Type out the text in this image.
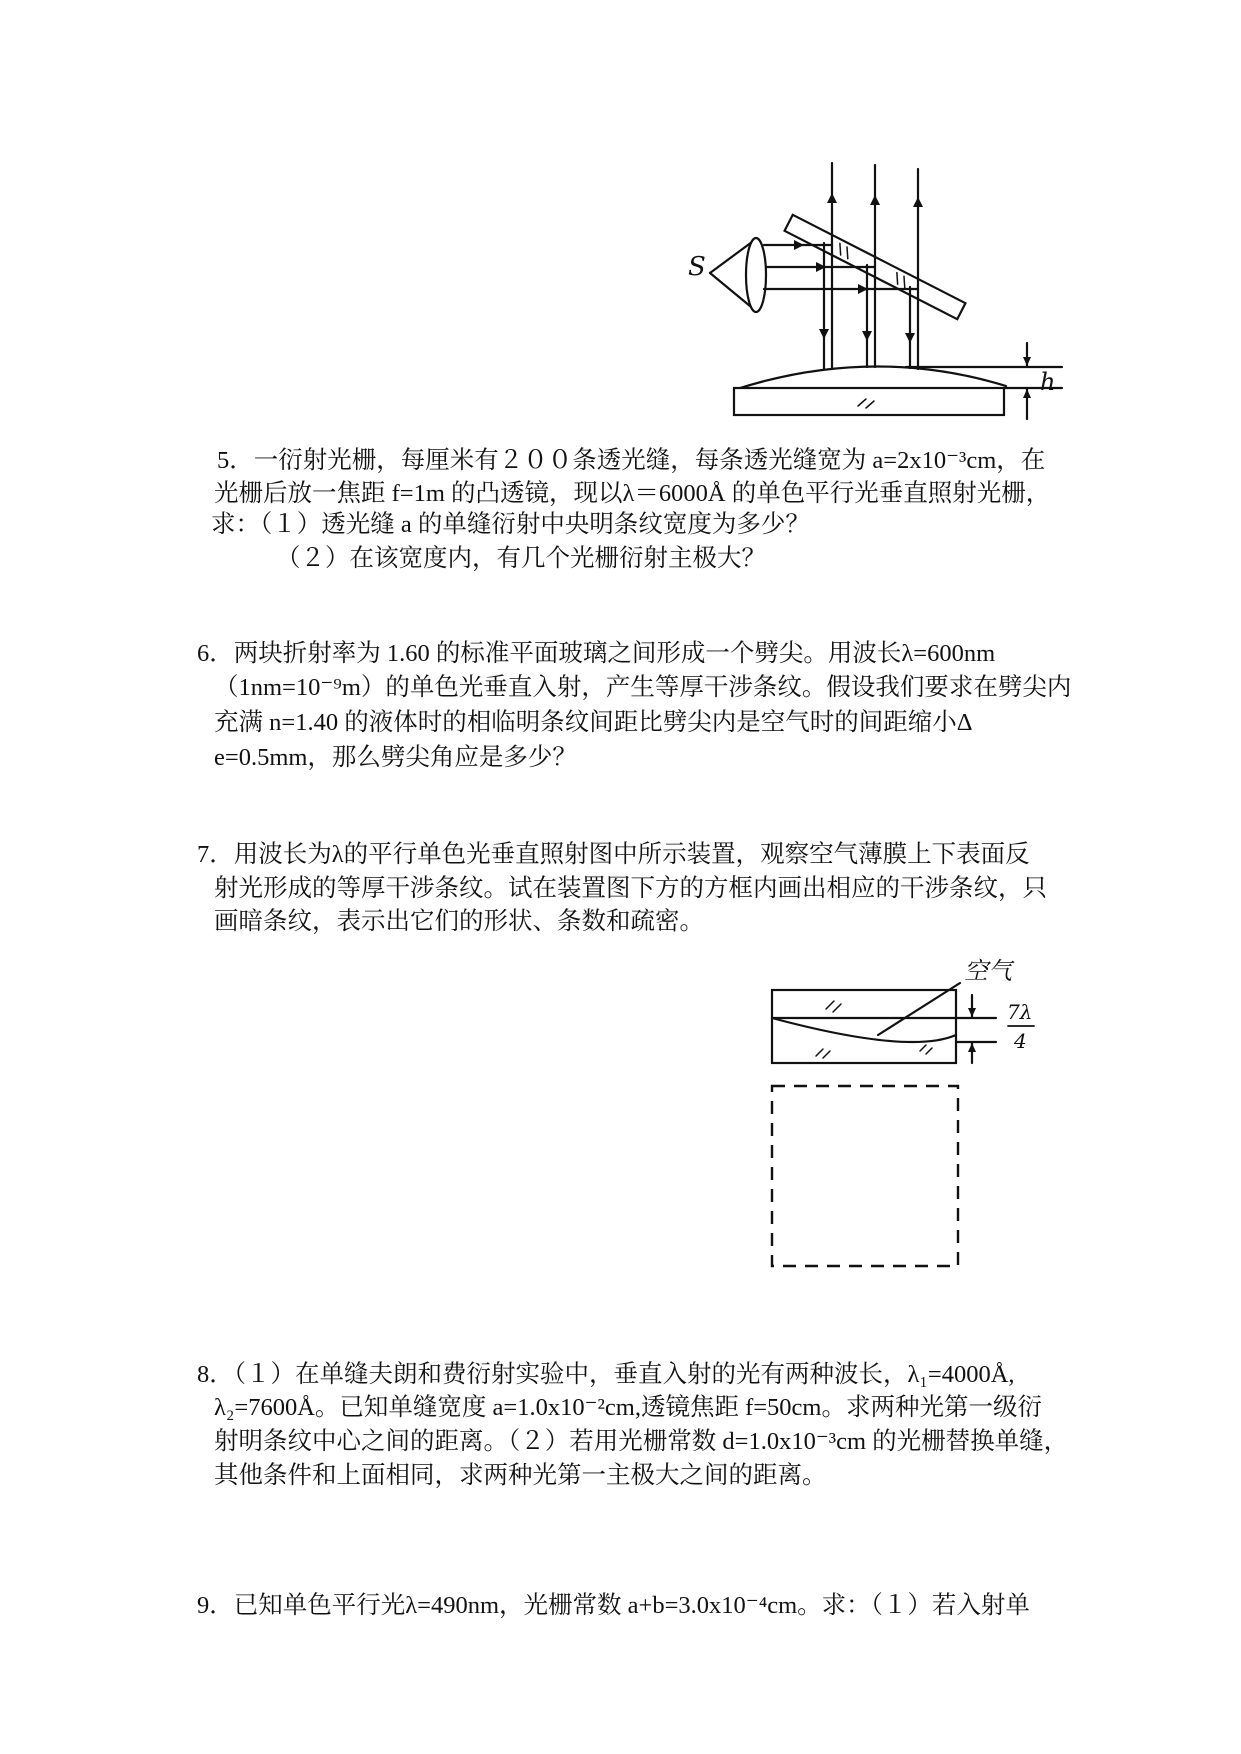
S
h
5．一衍射光栅，每厘米有２００条透光缝，每条透光缝宽为 a=2x10⁻³cm，在
光栅后放一焦距 f=1m 的凸透镜，现以λ＝6000Å 的单色平行光垂直照射光栅，
求：（１）透光缝 a 的单缝衍射中央明条纹宽度为多少？
（２）在该宽度内，有几个光栅衍射主极大？
6．两块折射率为 1.60 的标准平面玻璃之间形成一个劈尖。用波长λ=600nm
（1nm=10⁻⁹m）的单色光垂直入射，产生等厚干涉条纹。假设我们要求在劈尖内
充满 n=1.40 的液体时的相临明条纹间距比劈尖内是空气时的间距缩小Δ
e=0.5mm，那么劈尖角应是多少？
7．用波长为λ的平行单色光垂直照射图中所示装置，观察空气薄膜上下表面反
射光形成的等厚干涉条纹。试在装置图下方的方框内画出相应的干涉条纹，只
画暗条纹，表示出它们的形状、条数和疏密。
空气
7λ
4
8．（１）在单缝夫朗和费衍射实验中，垂直入射的光有两种波长，λ₁=4000Å,
λ₂=7600Å。已知单缝宽度 a=1.0x10⁻²cm,透镜焦距 f=50cm。求两种光第一级衍
射明条纹中心之间的距离。（２）若用光栅常数 d=1.0x10⁻³cm 的光栅替换单缝，
其他条件和上面相同，求两种光第一主极大之间的距离。
9．已知单色平行光λ=490nm，光栅常数 a+b=3.0x10⁻⁴cm。求：（１）若入射单
